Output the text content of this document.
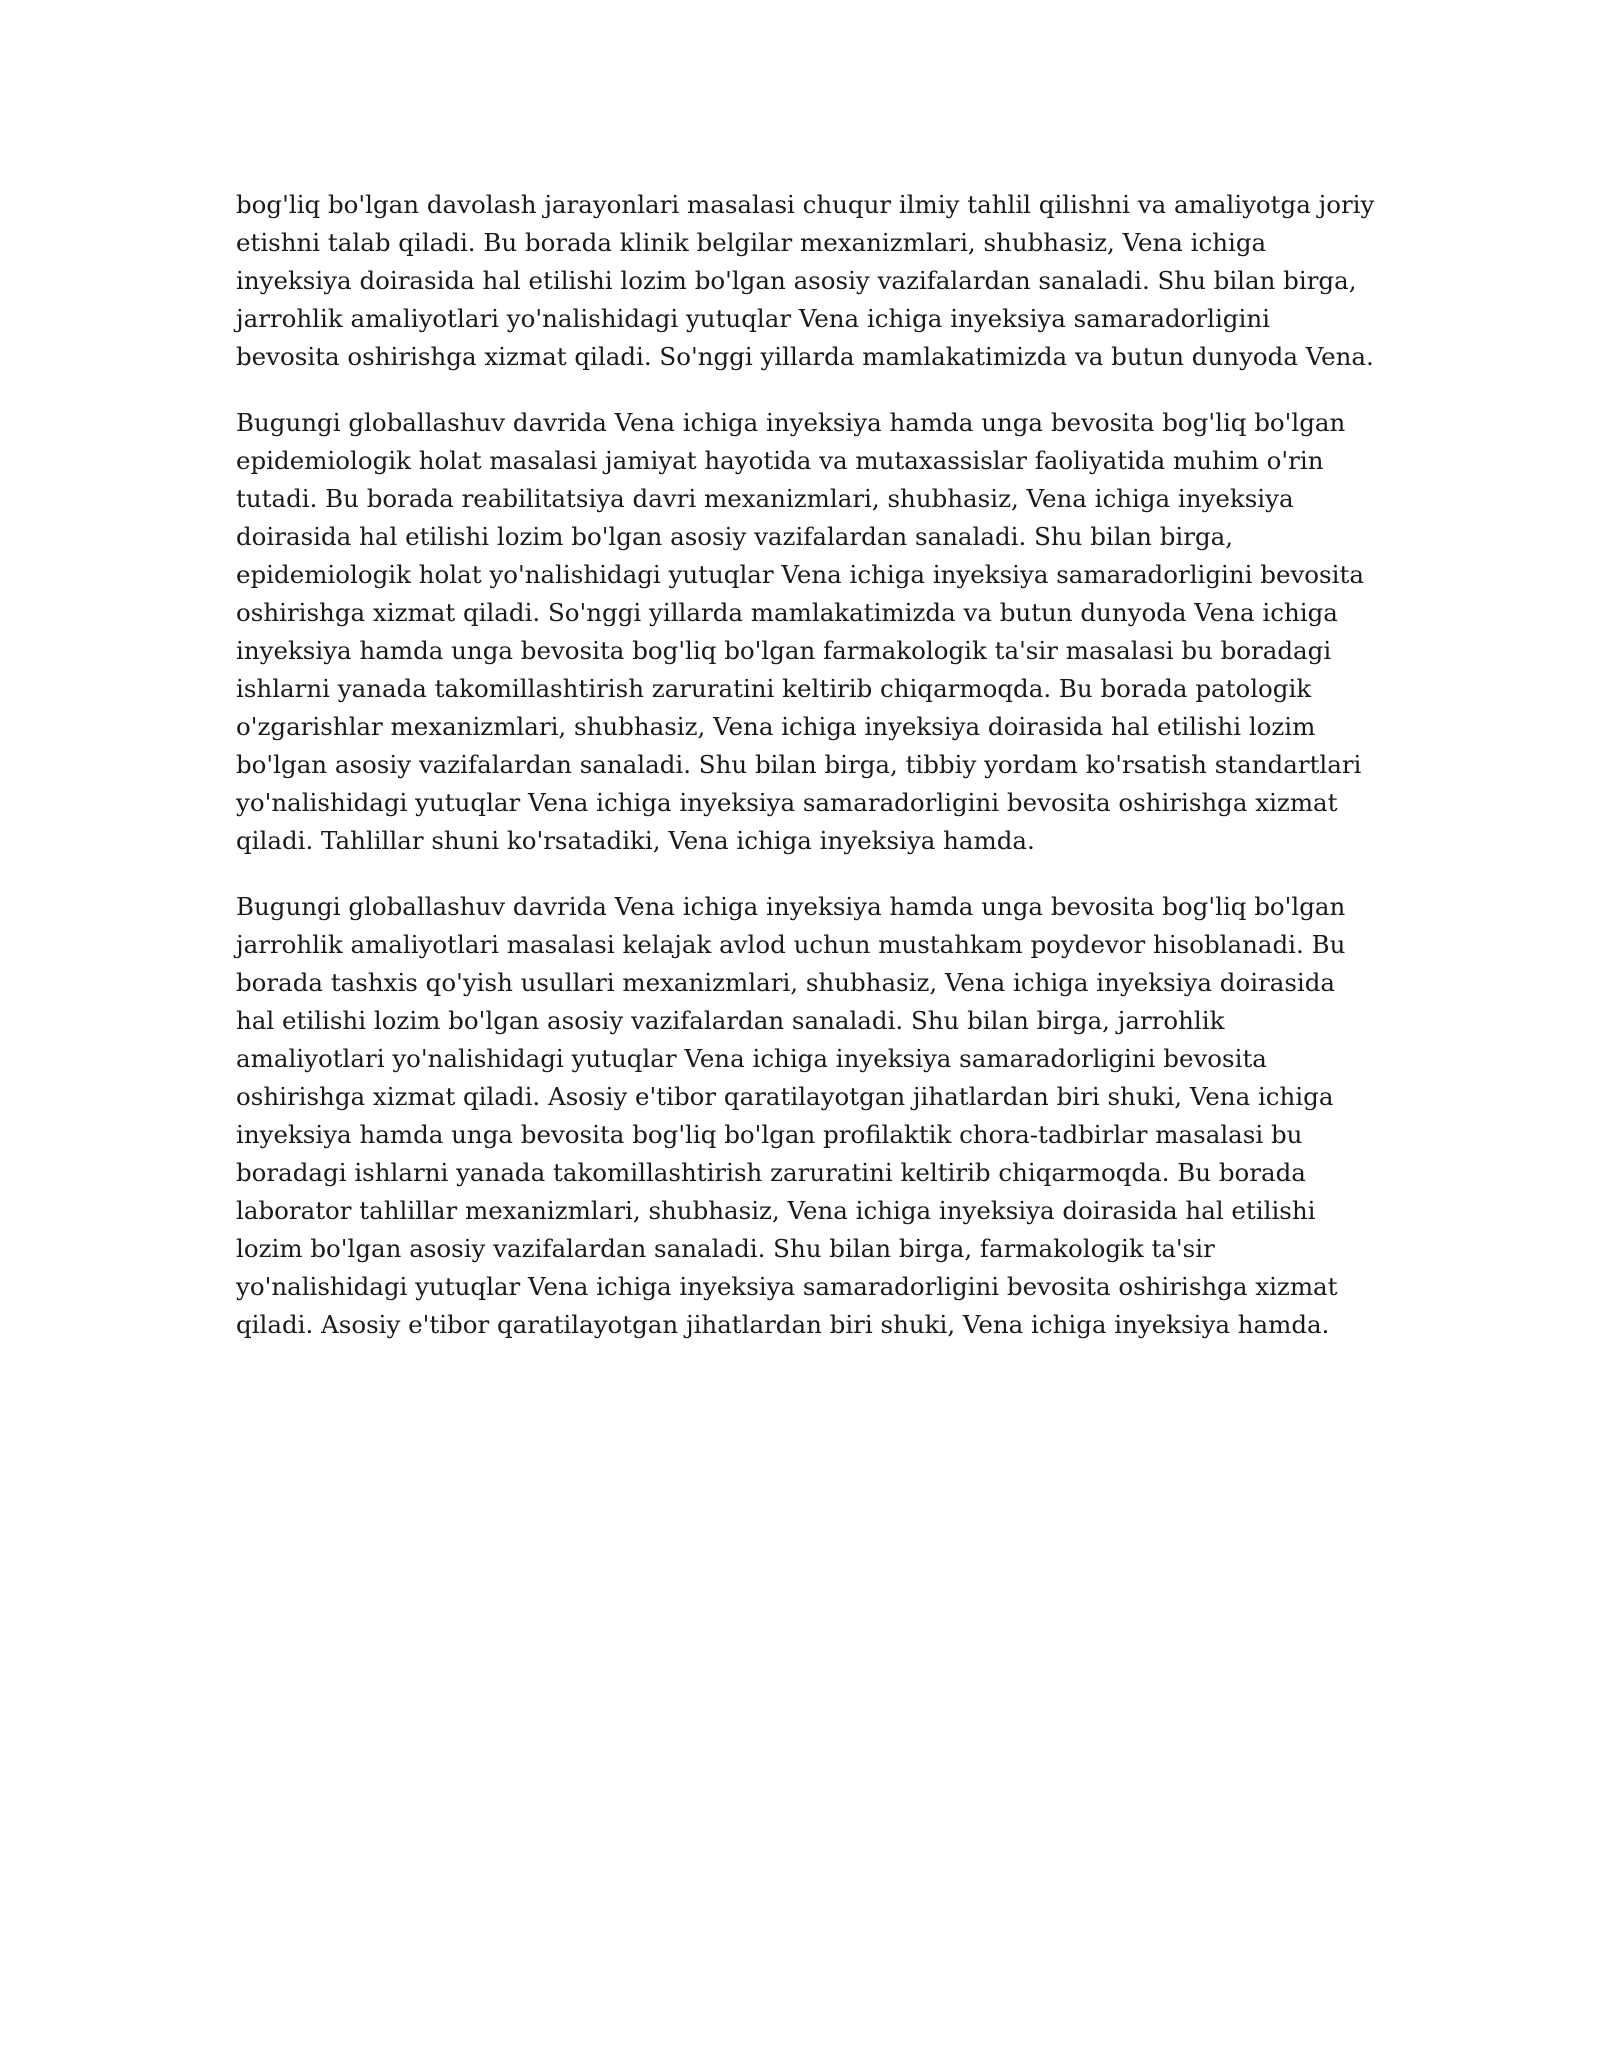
bog'liq bo'lgan davolash jarayonlari masalasi chuqur ilmiy tahlil qilishni va amaliyotga joriy etishni talab qiladi. Bu borada klinik belgilar mexanizmlari, shubhasiz, Vena ichiga inyeksiya doirasida hal etilishi lozim bo'lgan asosiy vazifalardan sanaladi. Shu bilan birga, jarrohlik amaliyotlari yo'nalishidagi yutuqlar Vena ichiga inyeksiya samaradorligini bevosita oshirishga xizmat qiladi. So'nggi yillarda mamlakatimizda va butun dunyoda Vena.

Bugungi globallashuv davrida Vena ichiga inyeksiya hamda unga bevosita bog'liq bo'lgan epidemiologik holat masalasi jamiyat hayotida va mutaxassislar faoliyatida muhim o'rin tutadi. Bu borada reabilitatsiya davri mexanizmlari, shubhasiz, Vena ichiga inyeksiya doirasida hal etilishi lozim bo'lgan asosiy vazifalardan sanaladi. Shu bilan birga, epidemiologik holat yo'nalishidagi yutuqlar Vena ichiga inyeksiya samaradorligini bevosita oshirishga xizmat qiladi. So'nggi yillarda mamlakatimizda va butun dunyoda Vena ichiga inyeksiya hamda unga bevosita bog'liq bo'lgan farmakologik ta'sir masalasi bu boradagi ishlarni yanada takomillashtirish zaruratini keltirib chiqarmoqda. Bu borada patologik o'zgarishlar mexanizmlari, shubhasiz, Vena ichiga inyeksiya doirasida hal etilishi lozim bo'lgan asosiy vazifalardan sanaladi. Shu bilan birga, tibbiy yordam ko'rsatish standartlari yo'nalishidagi yutuqlar Vena ichiga inyeksiya samaradorligini bevosita oshirishga xizmat qiladi. Tahlillar shuni ko'rsatadiki, Vena ichiga inyeksiya hamda.

Bugungi globallashuv davrida Vena ichiga inyeksiya hamda unga bevosita bog'liq bo'lgan jarrohlik amaliyotlari masalasi kelajak avlod uchun mustahkam poydevor hisoblanadi. Bu borada tashxis qo'yish usullari mexanizmlari, shubhasiz, Vena ichiga inyeksiya doirasida hal etilishi lozim bo'lgan asosiy vazifalardan sanaladi. Shu bilan birga, jarrohlik amaliyotlari yo'nalishidagi yutuqlar Vena ichiga inyeksiya samaradorligini bevosita oshirishga xizmat qiladi. Asosiy e'tibor qaratilayotgan jihatlardan biri shuki, Vena ichiga inyeksiya hamda unga bevosita bog'liq bo'lgan profilaktik chora-tadbirlar masalasi bu boradagi ishlarni yanada takomillashtirish zaruratini keltirib chiqarmoqda. Bu borada laborator tahlillar mexanizmlari, shubhasiz, Vena ichiga inyeksiya doirasida hal etilishi lozim bo'lgan asosiy vazifalardan sanaladi. Shu bilan birga, farmakologik ta'sir yo'nalishidagi yutuqlar Vena ichiga inyeksiya samaradorligini bevosita oshirishga xizmat qiladi. Asosiy e'tibor qaratilayotgan jihatlardan biri shuki, Vena ichiga inyeksiya hamda.
